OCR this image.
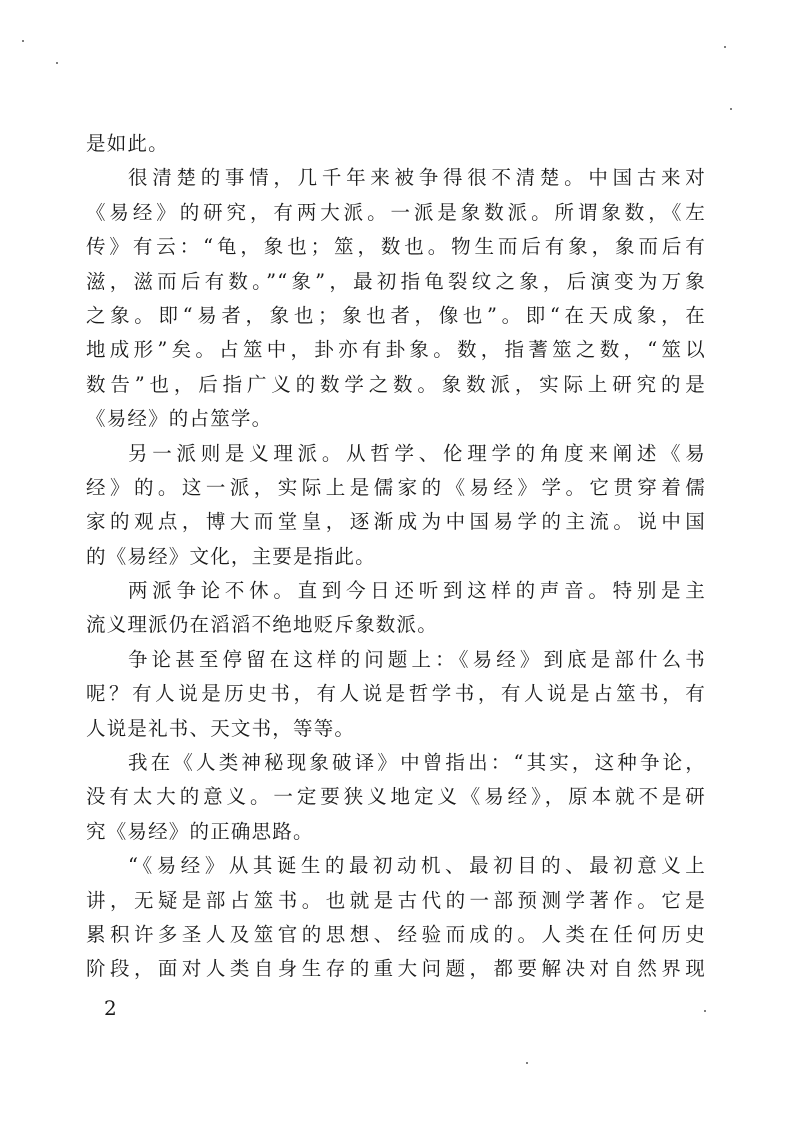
是如此。
很清楚的事情，几千年来被争得很不清楚。中国古来对
《易经》的研究，有两大派。一派是象数派。所谓象数，《左
传》有云：“龟，象也；筮，数也。物生而后有象，象而后有
滋，滋而后有数。”“象”，最初指龟裂纹之象，后演变为万象
之象。即“易者，象也；象也者，像也”。即“在天成象，在
地成形”矣。占筮中，卦亦有卦象。数，指蓍筮之数，“筮以
数告”也，后指广义的数学之数。象数派，实际上研究的是
《易经》的占筮学。
另一派则是义理派。从哲学、伦理学的角度来阐述《易
经》的。这一派，实际上是儒家的《易经》学。它贯穿着儒
家的观点，博大而堂皇，逐渐成为中国易学的主流。说中国
的《易经》文化，主要是指此。
两派争论不休。直到今日还听到这样的声音。特别是主
流义理派仍在滔滔不绝地贬斥象数派。
争论甚至停留在这样的问题上：《易经》到底是部什么书
呢？有人说是历史书，有人说是哲学书，有人说是占筮书，有
人说是礼书、天文书，等等。
我在《人类神秘现象破译》中曾指出：“其实，这种争论，
没有太大的意义。一定要狭义地定义《易经》，原本就不是研
究《易经》的正确思路。
“《易经》从其诞生的最初动机、最初目的、最初意义上
讲，无疑是部占筮书。也就是古代的一部预测学著作。它是
累积许多圣人及筮官的思想、经验而成的。人类在任何历史
阶段，面对人类自身生存的重大问题，都要解决对自然界现
2
